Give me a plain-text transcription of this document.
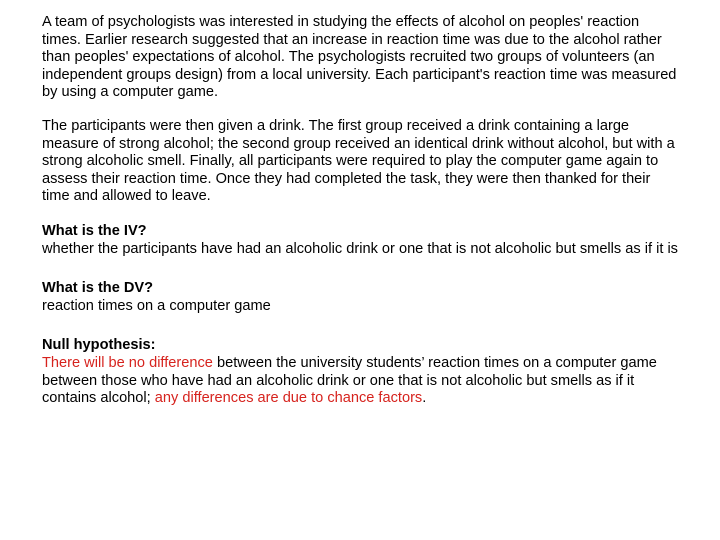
A team of psychologists was interested in studying the effects of alcohol on peoples' reaction times. Earlier research suggested that an increase in reaction time was due to the alcohol rather than peoples' expectations of alcohol. The psychologists recruited two groups of volunteers (an independent groups design) from a local university. Each participant's reaction time was measured by using a computer game.

The participants were then given a drink. The first group received a drink containing a large measure of strong alcohol; the second group received an identical drink without alcohol, but with a strong alcoholic smell. Finally, all participants were required to play the computer game again to assess their reaction time. Once they had completed the task, they were then thanked for their time and allowed to leave.

What is the IV?
whether the participants have had an alcoholic drink or one that is not alcoholic but smells as if it is
What is the DV?
reaction times on a computer game
Null hypothesis:
There will be no difference between the university students’ reaction times on a computer game between those who have had an alcoholic drink or one that is not alcoholic but smells as if it contains alcohol; any differences are due to chance factors.
